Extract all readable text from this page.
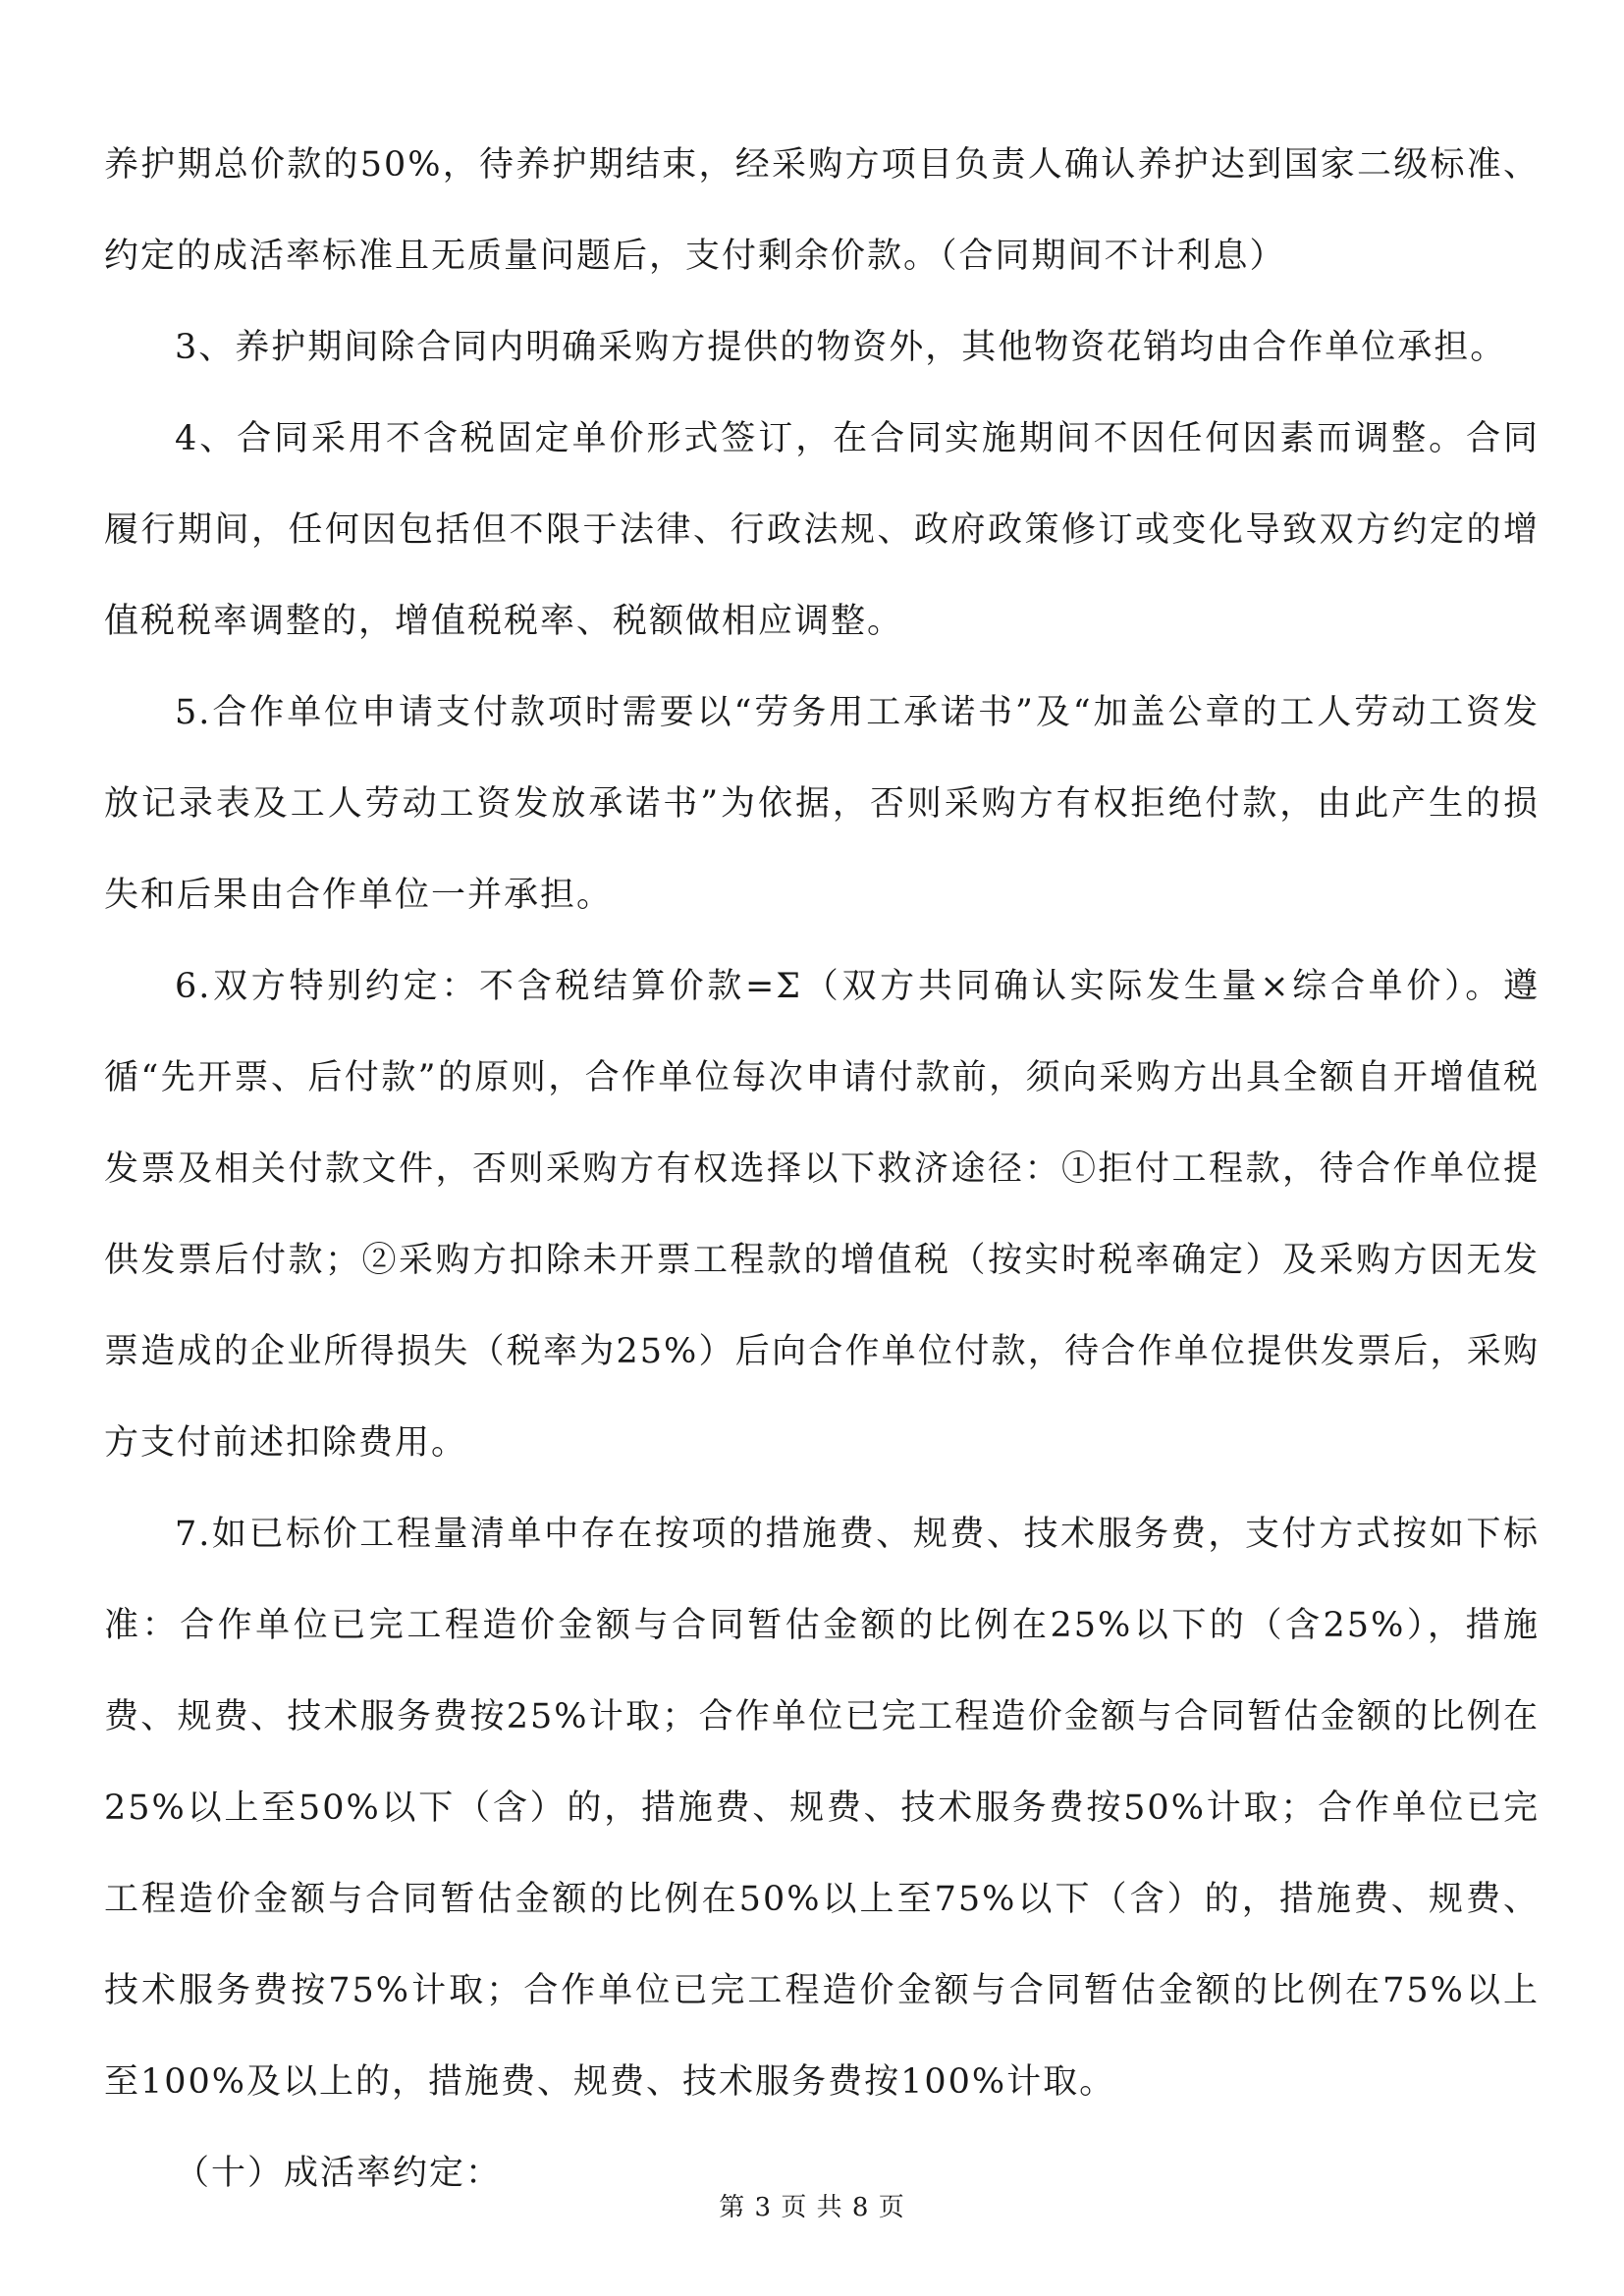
养护期总价款的50%，待养护期结束，经采购方项目负责人确认养护达到国家二级标准、约定的成活率标准且无质量问题后，支付剩余价款。（合同期间不计利息）

3、养护期间除合同内明确采购方提供的物资外，其他物资花销均由合作单位承担。

4、合同采用不含税固定单价形式签订，在合同实施期间不因任何因素而调整。合同履行期间，任何因包括但不限于法律、行政法规、政府政策修订或变化导致双方约定的增值税税率调整的，增值税税率、税额做相应调整。

5.合作单位申请支付款项时需要以“劳务用工承诺书”及“加盖公章的工人劳动工资发放记录表及工人劳动工资发放承诺书”为依据，否则采购方有权拒绝付款，由此产生的损失和后果由合作单位一并承担。

6.双方特别约定：不含税结算价款=Σ（双方共同确认实际发生量×综合单价）。遵循“先开票、后付款”的原则，合作单位每次申请付款前，须向采购方出具全额自开增值税发票及相关付款文件，否则采购方有权选择以下救济途径：①拒付工程款，待合作单位提供发票后付款；②采购方扣除未开票工程款的增值税（按实时税率确定）及采购方因无发票造成的企业所得损失（税率为25%）后向合作单位付款，待合作单位提供发票后，采购方支付前述扣除费用。

7.如已标价工程量清单中存在按项的措施费、规费、技术服务费，支付方式按如下标准：合作单位已完工程造价金额与合同暂估金额的比例在25%以下的（含25%），措施费、规费、技术服务费按25%计取；合作单位已完工程造价金额与合同暂估金额的比例在25%以上至50%以下（含）的，措施费、规费、技术服务费按50%计取；合作单位已完工程造价金额与合同暂估金额的比例在50%以上至75%以下（含）的，措施费、规费、技术服务费按75%计取；合作单位已完工程造价金额与合同暂估金额的比例在75%以上至100%及以上的，措施费、规费、技术服务费按100%计取。

（十）成活率约定：

第 3 页 共 8 页
